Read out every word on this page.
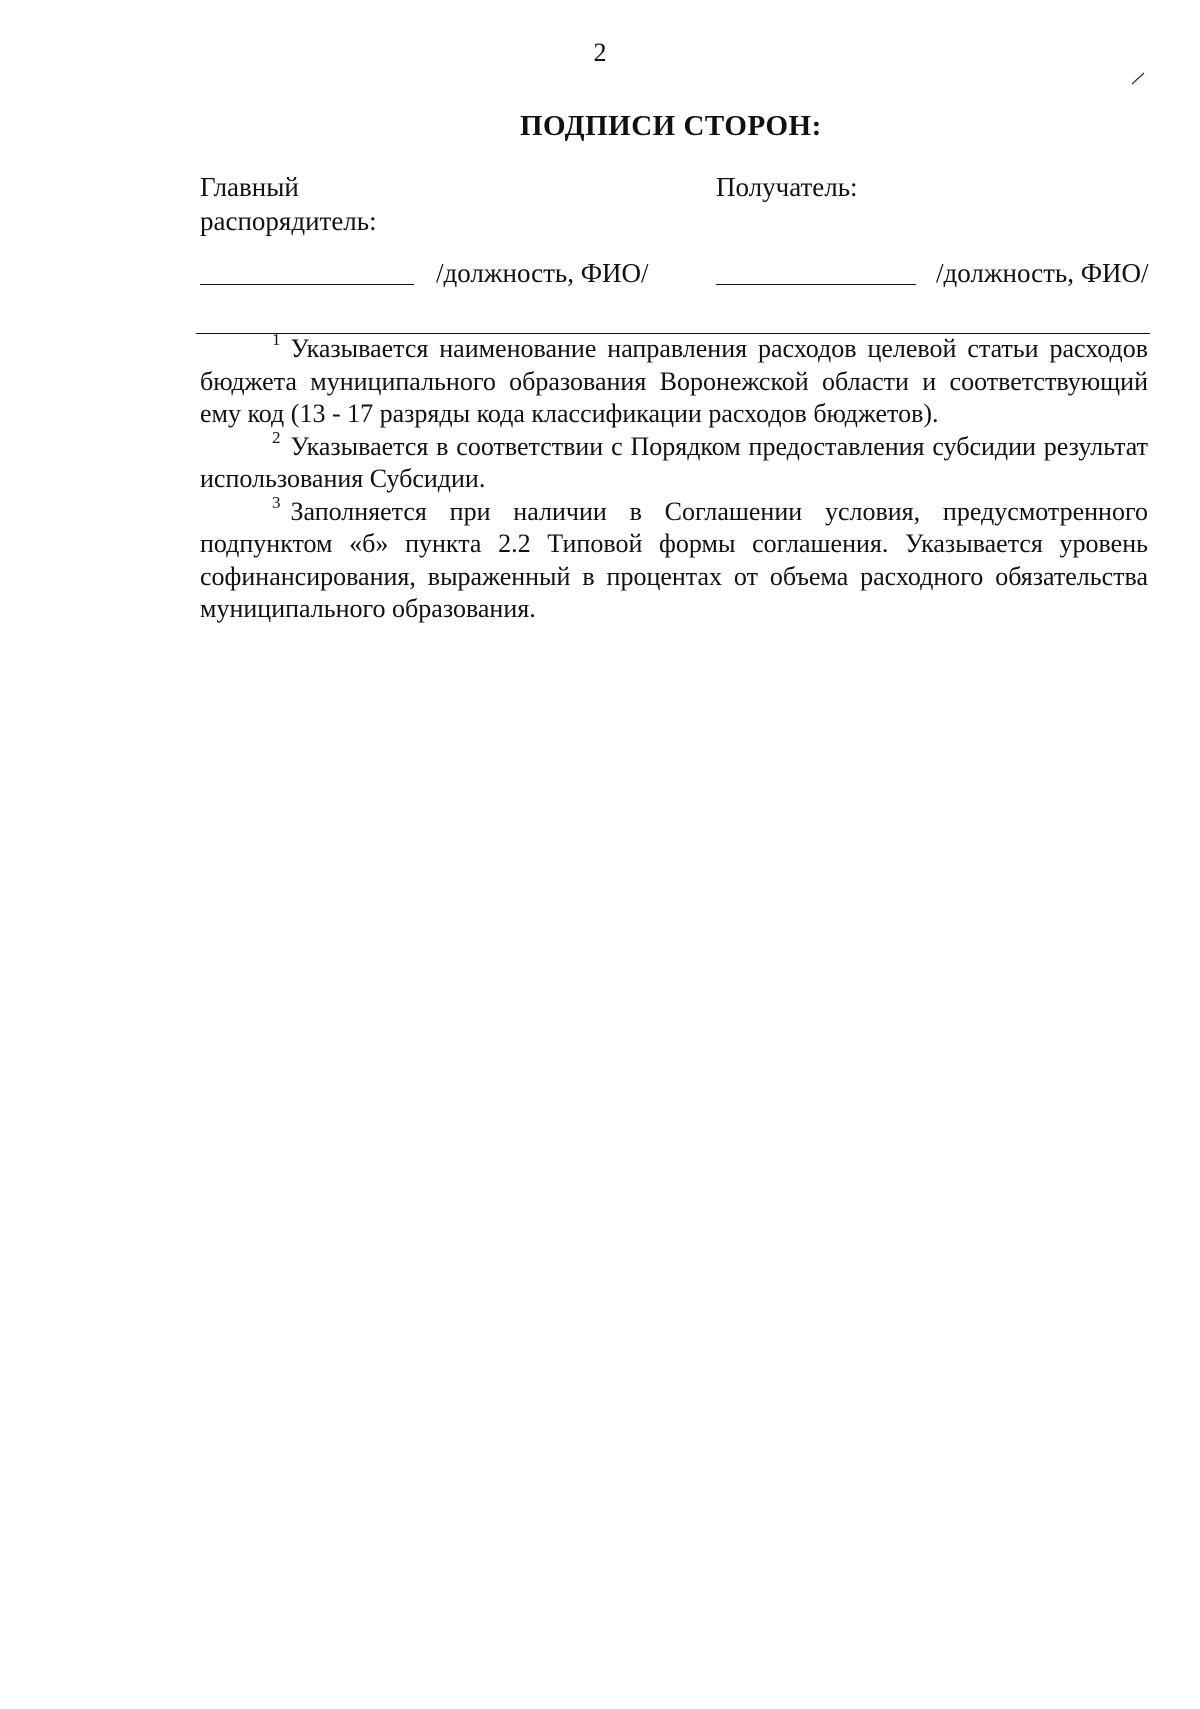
2
ПОДПИСИ СТОРОН:
Главный
распорядитель:
Получатель:
/должность, ФИО/	/должность, ФИО/

$^1$ Указывается наименование направления расходов целевой статьи расходов бюджета муниципального образования Воронежской области и соответствующий ему код (13 - 17 разряды кода классификации расходов бюджетов).

$^2$ Указывается в соответствии с Порядком предоставления субсидии результат использования Субсидии.

$^3$ Заполняется при наличии в Соглашении условия, предусмотренного подпунктом «б» пункта 2.2 Типовой формы соглашения. Указывается уровень софинансирования, выраженный в процентах от объема расходного обязательства муниципального образования.
